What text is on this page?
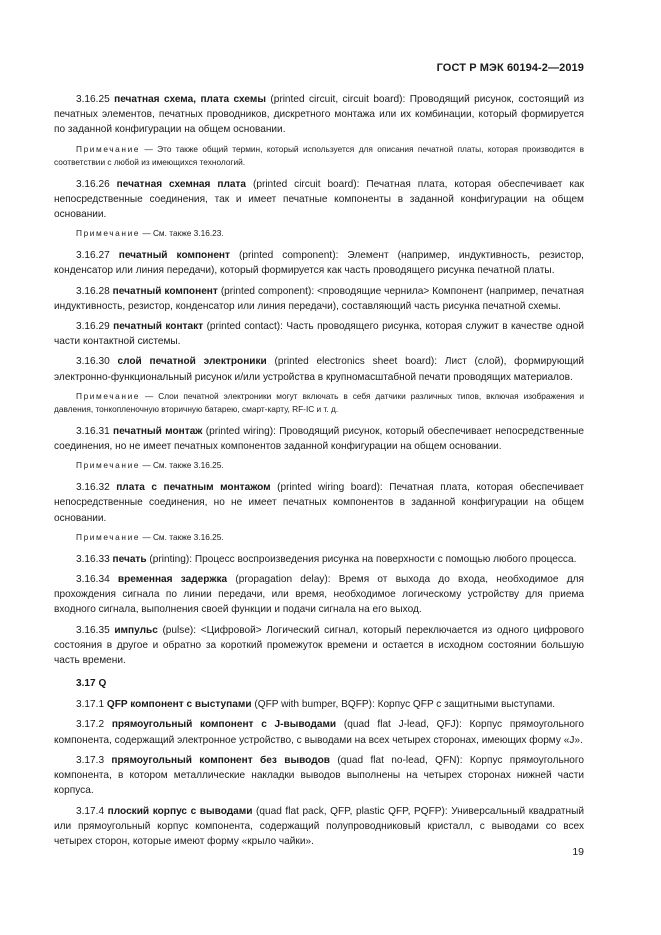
ГОСТ Р МЭК 60194-2—2019

3.16.25 печатная схема, плата схемы (printed circuit, circuit board): Проводящий рисунок, состоящий из печатных элементов, печатных проводников, дискретного монтажа или их комбинации, который формируется по заданной конфигурации на общем основании.

Примечание — Это также общий термин, который используется для описания печатной платы, которая производится в соответствии с любой из имеющихся технологий.

3.16.26 печатная схемная плата (printed circuit board): Печатная плата, которая обеспечивает как непосредственные соединения, так и имеет печатные компоненты в заданной конфигурации на общем основании.

Примечание — См. также 3.16.23.

3.16.27 печатный компонент (printed component): Элемент (например, индуктивность, резистор, конденсатор или линия передачи), который формируется как часть проводящего рисунка печатной платы.

3.16.28 печатный компонент (printed component): <проводящие чернила> Компонент (например, печатная индуктивность, резистор, конденсатор или линия передачи), составляющий часть рисунка печатной схемы.

3.16.29 печатный контакт (printed contact): Часть проводящего рисунка, которая служит в качестве одной части контактной системы.

3.16.30 слой печатной электроники (printed electronics sheet board): Лист (слой), формирующий электронно-функциональный рисунок и/или устройства в крупномасштабной печати проводящих материалов.

Примечание — Слои печатной электроники могут включать в себя датчики различных типов, включая изображения и давления, тонкопленочную вторичную батарею, смарт-карту, RF-IC и т. д.

3.16.31 печатный монтаж (printed wiring): Проводящий рисунок, который обеспечивает непосредственные соединения, но не имеет печатных компонентов заданной конфигурации на общем основании.

Примечание — См. также 3.16.25.

3.16.32 плата с печатным монтажом (printed wiring board): Печатная плата, которая обеспечивает непосредственные соединения, но не имеет печатных компонентов в заданной конфигурации на общем основании.

Примечание — См. также 3.16.25.

3.16.33 печать (printing): Процесс воспроизведения рисунка на поверхности с помощью любого процесса.

3.16.34 временная задержка (propagation delay): Время от выхода до входа, необходимое для прохождения сигнала по линии передачи, или время, необходимое логическому устройству для приема входного сигнала, выполнения своей функции и подачи сигнала на его выход.

3.16.35 импульс (pulse): <Цифровой> Логический сигнал, который переключается из одного цифрового состояния в другое и обратно за короткий промежуток времени и остается в исходном состоянии большую часть времени.

3.17 Q

3.17.1 QFP компонент с выступами (QFP with bumper, BQFP): Корпус QFP с защитными выступами.

3.17.2 прямоугольный компонент с J-выводами (quad flat J-lead, QFJ): Корпус прямоугольного компонента, содержащий электронное устройство, с выводами на всех четырех сторонах, имеющих форму «J».

3.17.3 прямоугольный компонент без выводов (quad flat no-lead, QFN): Корпус прямоугольного компонента, в котором металлические накладки выводов выполнены на четырех сторонах нижней части корпуса.

3.17.4 плоский корпус с выводами (quad flat pack, QFP, plastic QFP, PQFP): Универсальный квадратный или прямоугольный корпус компонента, содержащий полупроводниковый кристалл, с выводами со всех четырех сторон, которые имеют форму «крыло чайки».

19
